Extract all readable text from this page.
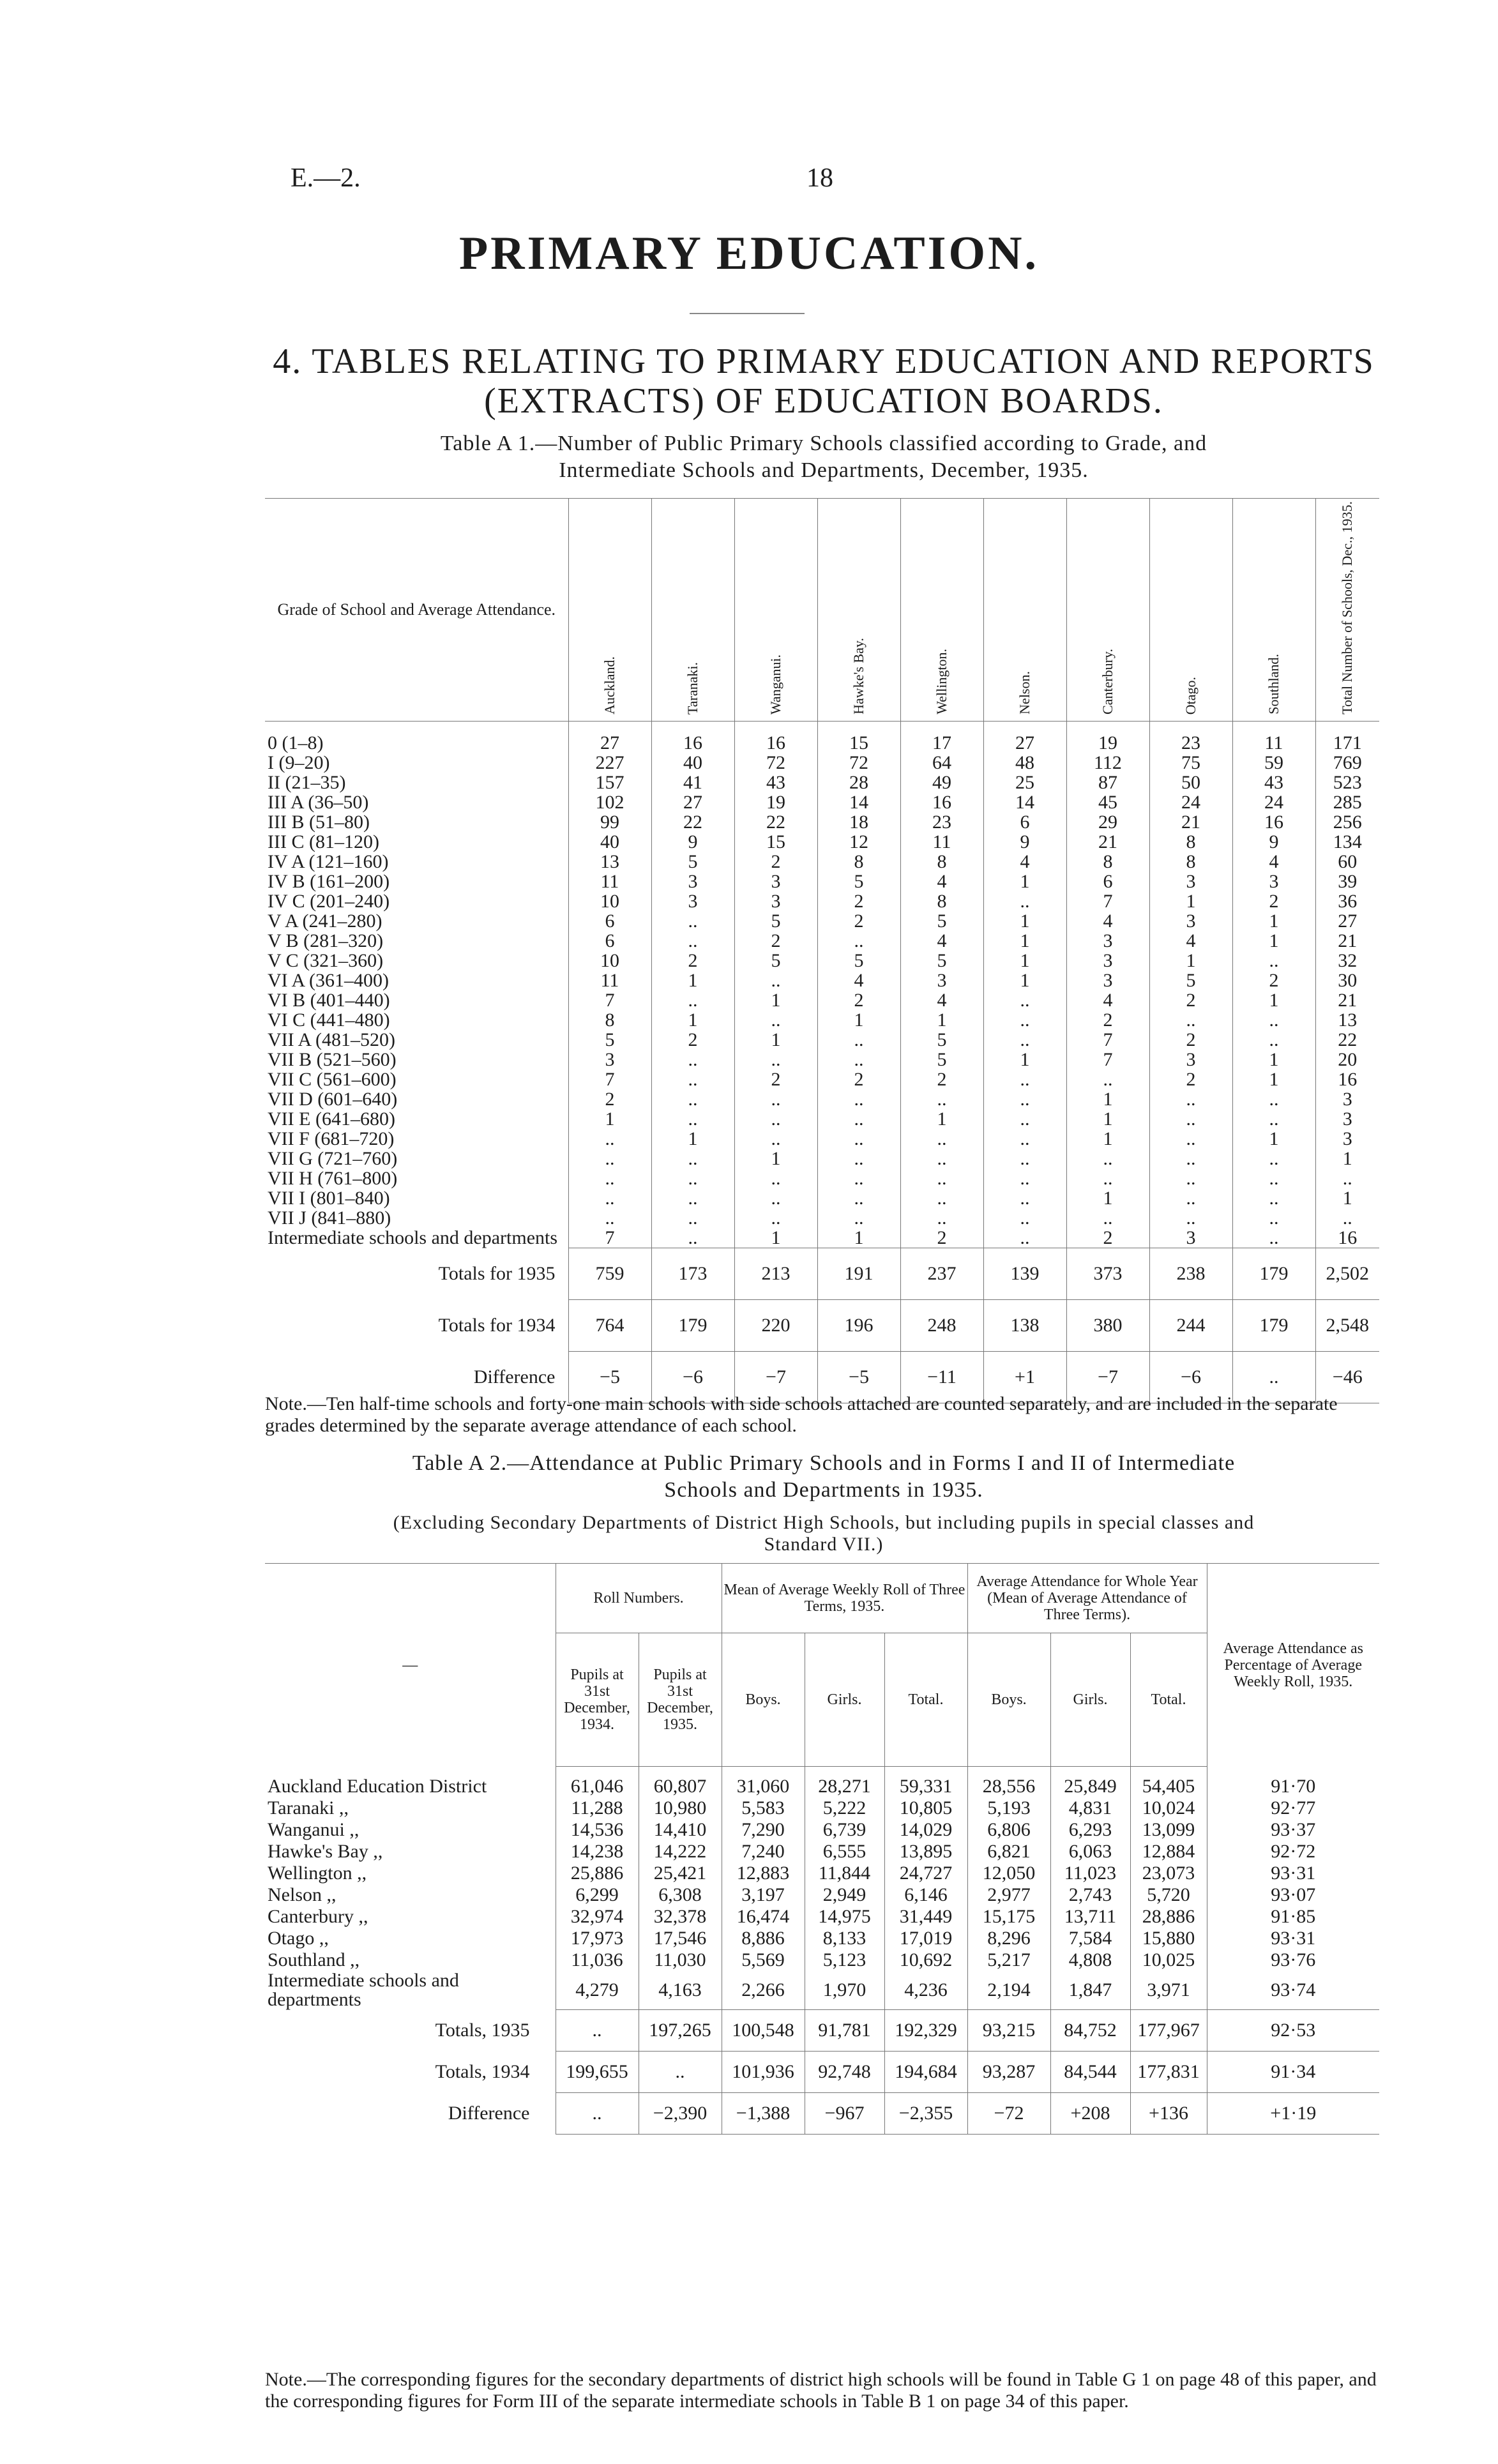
E.—2.	18
PRIMARY EDUCATION.
4. TABLES RELATING TO PRIMARY EDUCATION AND REPORTS (EXTRACTS) OF EDUCATION BOARDS.
Table A 1.—Number of Public Primary Schools classified according to Grade, and
Intermediate Schools and Departments, December, 1935.
Grade of School and Average Attendance.	Auckland.	Taranaki.	Wanganui.	Hawke's Bay.	Wellington.	Nelson.	Canterbury.	Otago.	Southland.	Total Number of Schools, Dec., 1935.
0 (1–8)	27	16	16	15	17	27	19	23	11	171
I (9–20)	227	40	72	72	64	48	112	75	59	769
II (21–35)	157	41	43	28	49	25	87	50	43	523
III A (36–50)	102	27	19	14	16	14	45	24	24	285
III B (51–80)	99	22	22	18	23	6	29	21	16	256
III C (81–120)	40	9	15	12	11	9	21	8	9	134
IV A (121–160)	13	5	2	8	8	4	8	8	4	60
IV B (161–200)	11	3	3	5	4	1	6	3	3	39
IV C (201–240)	10	3	3	2	8	..	7	1	2	36
V A (241–280)	6	..	5	2	5	1	4	3	1	27
V B (281–320)	6	..	2	..	4	1	3	4	1	21
V C (321–360)	10	2	5	5	5	1	3	1	..	32
VI A (361–400)	11	1	..	4	3	1	3	5	2	30
VI B (401–440)	7	..	1	2	4	..	4	2	1	21
VI C (441–480)	8	1	..	1	1	..	2	..	..	13
VII A (481–520)	5	2	1	..	5	..	7	2	..	22
VII B (521–560)	3	..	..	..	5	1	7	3	1	20
VII C (561–600)	7	..	2	2	2	..	..	2	1	16
VII D (601–640)	2	..	..	..	..	..	1	..	..	3
VII E (641–680)	1	..	..	..	1	..	1	..	..	3
VII F (681–720)	..	1	..	..	..	..	1	..	1	3
VII G (721–760)	..	..	1	..	..	..	..	..	..	1
VII H (761–800)	..	..	..	..	..	..	..	..	..	..
VII I (801–840)	..	..	..	..	..	..	1	..	..	1
VII J (841–880)	..	..	..	..	..	..	..	..	..	..
Intermediate schools and departments	7	..	1	1	2	..	2	3	..	16
Totals for 1935	759	173	213	191	237	139	373	238	179	2,502
Totals for 1934	764	179	220	196	248	138	380	244	179	2,548
Difference	−5	−6	−7	−5	−11	+1	−7	−6	..	−46
Note.—Ten half-time schools and forty-one main schools with side schools attached are counted separately, and are included in the separate grades determined by the separate average attendance of each school.
Table A 2.—Attendance at Public Primary Schools and in Forms I and II of Intermediate
Schools and Departments in 1935.
(Excluding Secondary Departments of District High Schools, but including pupils in special classes and Standard VII.)
—	Roll Numbers.		Mean of Average Weekly Roll of Three Terms, 1935.			Average Attendance for Whole Year (Mean of Average Attendance of Three Terms).			Average Attendance as Percentage of Average Weekly Roll, 1935.
	Pupils at 31st December, 1934.	Pupils at 31st December, 1935.	Boys.	Girls.	Total.	Boys.	Girls.	Total.	
Auckland Education District	61,046	60,807	31,060	28,271	59,331	28,556	25,849	54,405	91·70
Taranaki ,,	11,288	10,980	5,583	5,222	10,805	5,193	4,831	10,024	92·77
Wanganui ,,	14,536	14,410	7,290	6,739	14,029	6,806	6,293	13,099	93·37
Hawke's Bay ,,	14,238	14,222	7,240	6,555	13,895	6,821	6,063	12,884	92·72
Wellington ,,	25,886	25,421	12,883	11,844	24,727	12,050	11,023	23,073	93·31
Nelson ,,	6,299	6,308	3,197	2,949	6,146	2,977	2,743	5,720	93·07
Canterbury ,,	32,974	32,378	16,474	14,975	31,449	15,175	13,711	28,886	91·85
Otago ,,	17,973	17,546	8,886	8,133	17,019	8,296	7,584	15,880	93·31
Southland ,,	11,036	11,030	5,569	5,123	10,692	5,217	4,808	10,025	93·76
Intermediate schools and departments	4,279	4,163	2,266	1,970	4,236	2,194	1,847	3,971	93·74
Totals, 1935	..	197,265	100,548	91,781	192,329	93,215	84,752	177,967	92·53
Totals, 1934	199,655	..	101,936	92,748	194,684	93,287	84,544	177,831	91·34
Difference	..	−2,390	−1,388	−967	−2,355	−72	+208	+136	+1·19
Note.—The corresponding figures for the secondary departments of district high schools will be found in Table G 1 on page 48 of this paper, and the corresponding figures for Form III of the separate intermediate schools in Table B 1 on page 34 of this paper.
